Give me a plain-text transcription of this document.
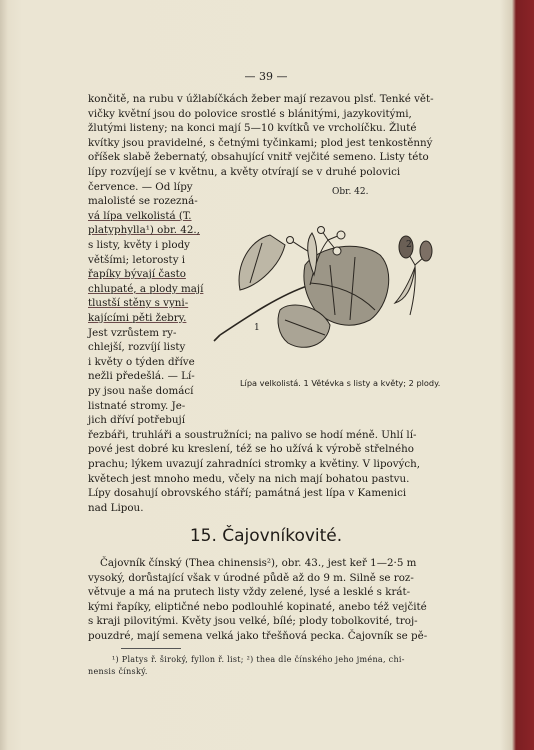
— 39 —
končitě, na rubu v úžlabíčkách žeber mají rezavou plsť. Tenké vět-
vičky květní jsou do polovice srostlé s blánitými, jazykovitými,
žlutými listeny; na konci mají 5—10 kvítků ve vrcholíčku. Žluté
kvítky jsou pravidelné, s četnými tyčinkami; plod jest tenkostěnný
oříšek slabě žebernatý, obsahující vnitř vejčité semeno. Listy této
lípy rozvíjejí se v květnu, a květy otvírají se v druhé polovici
července. — Od lípy
malolisté se rozezná-
vá lípa velkolistá (T.
platyphylla¹) obr. 42.,
s listy, květy i plody
většími; letorosty i
řapíky bývají často
chlupaté, a plody mají
tlustší stěny s vyni-
kajícími pěti žebry.
Jest vzrůstem ry-
chlejší, rozvíjí listy
i květy o týden dříve
nežli předešlá. — Lí-
py jsou naše domácí
listnaté stromy. Je-
jich dříví potřebují
Obr. 42.
1
2
Lípa velkolistá. 1 Větévka s listy a květy; 2 plody.
řezbáři, truhláři a soustružníci; na palivo se hodí méně. Uhlí lí-
pové jest dobré ku kreslení, též se ho užívá k výrobě střelného
prachu; lýkem uvazují zahradníci stromky a květiny. V lipových,
květech jest mnoho medu, včely na nich mají bohatou pastvu.
Lípy dosahují obrovského stáří; památná jest lípa v Kamenici
nad Lipou.
15. Čajovníkovité.
Čajovník čínský (Thea chinensis²), obr. 43., jest keř 1—2·5 m
vysoký, dorůstající však v úrodné půdě až do 9 m. Silně se roz-
větvuje a má na prutech listy vždy zelené, lysé a lesklé s krát-
kými řapíky, eliptičné nebo podlouhlé kopinaté, anebo též vejčité
s kraji pilovitými. Květy jsou velké, bílé; plody tobolkovité, troj-
pouzdré, mají semena velká jako třešňová pecka. Čajovník se pě-
¹) Platys ř. široký, fyllon ř. list; ²) thea dle čínského jeho jména, chi-
nensis čínský.
